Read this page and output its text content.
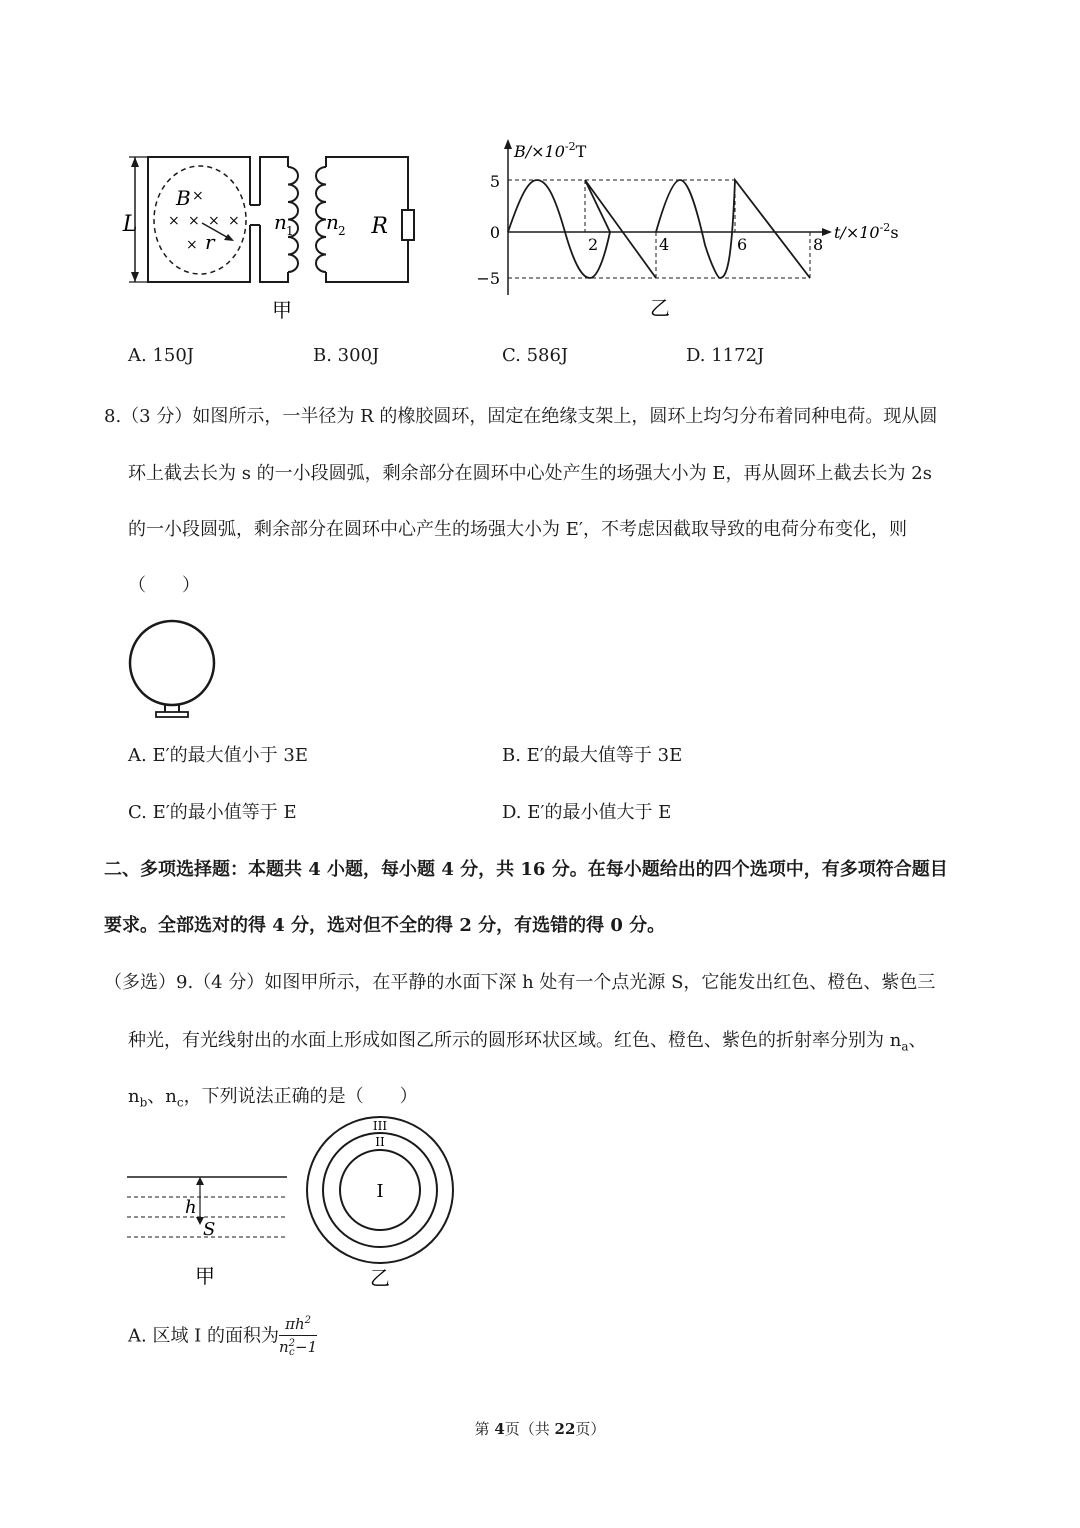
L
B ×
× × × ×
× r
n 1 n 2 R
甲
$B/\times 10^{-2}T$
$t/\times 10^{-2}s$
5
0
−5
2	4	6	8
乙
A. 150J	B. 300J	C. 586J	D. 1172J
8.（3 分）如图所示，一半径为 R 的橡胶圆环，固定在绝缘支架上，圆环上均匀分布着同种电荷。现从圆
环上截去长为 s 的一小段圆弧，剩余部分在圆环中心处产生的场强大小为 E，再从圆环上截去长为 2s
的一小段圆弧，剩余部分在圆环中心产生的场强大小为 E′，不考虑因截取导致的电荷分布变化，则
（　　）
A. E′的最大值小于 3E	B. E′的最大值等于 3E
C. E′的最小值等于 E	D. E′的最小值大于 E
二、多项选择题：本题共 4 小题，每小题 4 分，共 16 分。在每小题给出的四个选项中，有多项符合题目
要求。全部选对的得 4 分，选对但不全的得 2 分，有选错的得 0 分。
（多选）9.（4 分）如图甲所示，在平静的水面下深 h 处有一个点光源 S，它能发出红色、橙色、紫色三
种光，有光线射出的水面上形成如图乙所示的圆形环状区域。红色、橙色、紫色的折射率分别为 $n_a$、
$n_b$、$n_c$，下列说法正确的是（　　）
h
S
甲
I
II
III
乙
A. 区域 I 的面积为 $\pi h^2$
n 2
c −1
第 4页（共 22页）
